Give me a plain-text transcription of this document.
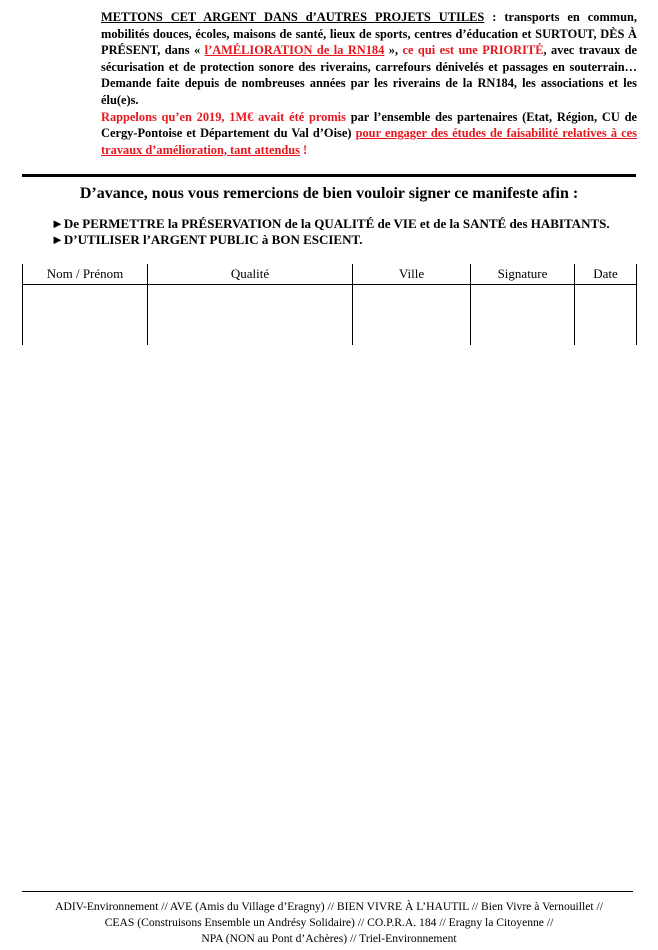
METTONS CET ARGENT DANS d’AUTRES PROJETS UTILES : transports en commun, mobilités douces, écoles, maisons de santé, lieux de sports, centres d’éducation et SURTOUT, DÈS À PRÉSENT, dans « l’AMÉLIORATION de la RN184 », ce qui est une PRIORITÉ, avec travaux de sécurisation et de protection sonore des riverains, carrefours dénivelés et passages en souterrain… Demande faite depuis de nombreuses années par les riverains de la RN184, les associations et les élu(e)s.
Rappelons qu’en 2019, 1M€ avait été promis par l’ensemble des partenaires (Etat, Région, CU de Cergy-Pontoise et Département du Val d’Oise) pour engager des études de faisabilité relatives à ces travaux d’amélioration, tant attendus !
D’avance, nous vous remercions de bien vouloir signer ce manifeste afin :
►De PERMETTRE la PRÉSERVATION de la QUALITÉ de VIE et de la SANTÉ des HABITANTS.
►D’UTILISER l’ARGENT PUBLIC à BON ESCIENT.
Nom / Prénom	Qualité	Ville	Signature	Date

ADIV-Environnement // AVE (Amis du Village d’Eragny) // BIEN VIVRE À L’HAUTIL // Bien Vivre à Vernouillet //
CEAS (Construisons Ensemble un Andrésy Solidaire) // CO.P.R.A. 184 // Eragny la Citoyenne //
NPA (NON au Pont d’Achères) // Triel-Environnement
